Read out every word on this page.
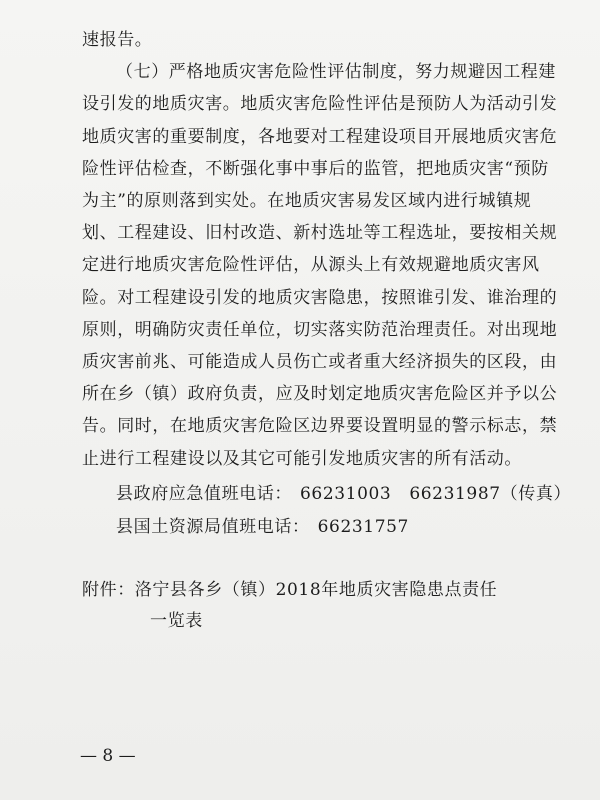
速报告。

（七）严格地质灾害危险性评估制度，努力规避因工程建设引发的地质灾害。地质灾害危险性评估是预防人为活动引发地质灾害的重要制度，各地要对工程建设项目开展地质灾害危险性评估检查，不断强化事中事后的监管，把地质灾害“预防为主”的原则落到实处。在地质灾害易发区域内进行城镇规划、工程建设、旧村改造、新村选址等工程选址，要按相关规定进行地质灾害危险性评估，从源头上有效规避地质灾害风险。对工程建设引发的地质灾害隐患，按照谁引发、谁治理的原则，明确防灾责任单位，切实落实防范治理责任。对出现地质灾害前兆、可能造成人员伤亡或者重大经济损失的区段，由所在乡（镇）政府负责，应及时划定地质灾害危险区并予以公告。同时，在地质灾害危险区边界要设置明显的警示标志，禁止进行工程建设以及其它可能引发地质灾害的所有活动。

县政府应急值班电话： 66231003 66231987（传真）
县国土资源局值班电话： 66231757
附件：洛宁县各乡（镇）2018年地质灾害隐患点责任
一览表
— 8 —
